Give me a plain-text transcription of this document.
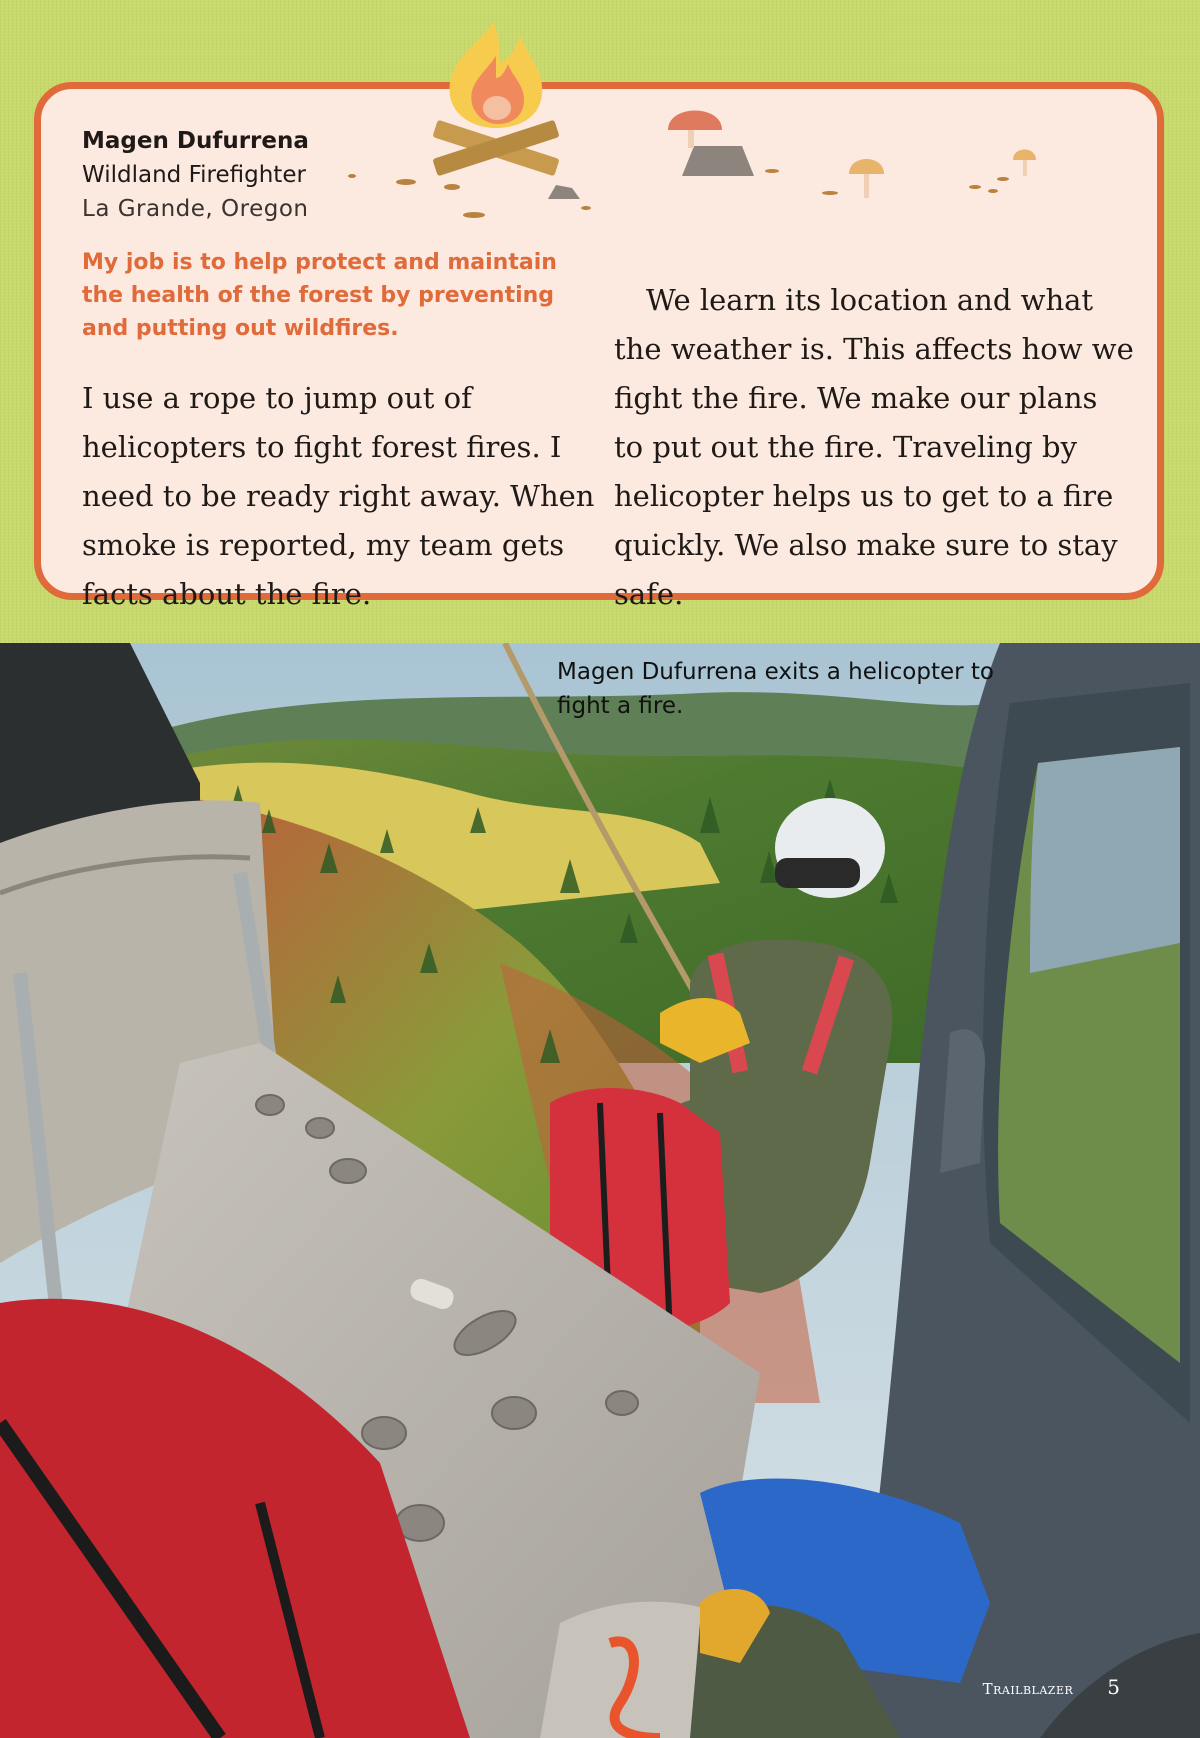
Magen Dufurrena
Wildland Firefighter
La Grande, Oregon
My job is to help protect and maintain the health of the forest by preventing and putting out wildfires.

I use a rope to jump out of helicopters to fight forest fires. I need to be ready right away. When smoke is reported, my team gets facts about the fire.

We learn its location and what the weather is. This affects how we fight the fire. We make our plans to put out the fire. Traveling by helicopter helps us to get to a fire quickly. We also make sure to stay safe.

Magen Dufurrena exits a helicopter to fight a fire.
Trailblazer 5
